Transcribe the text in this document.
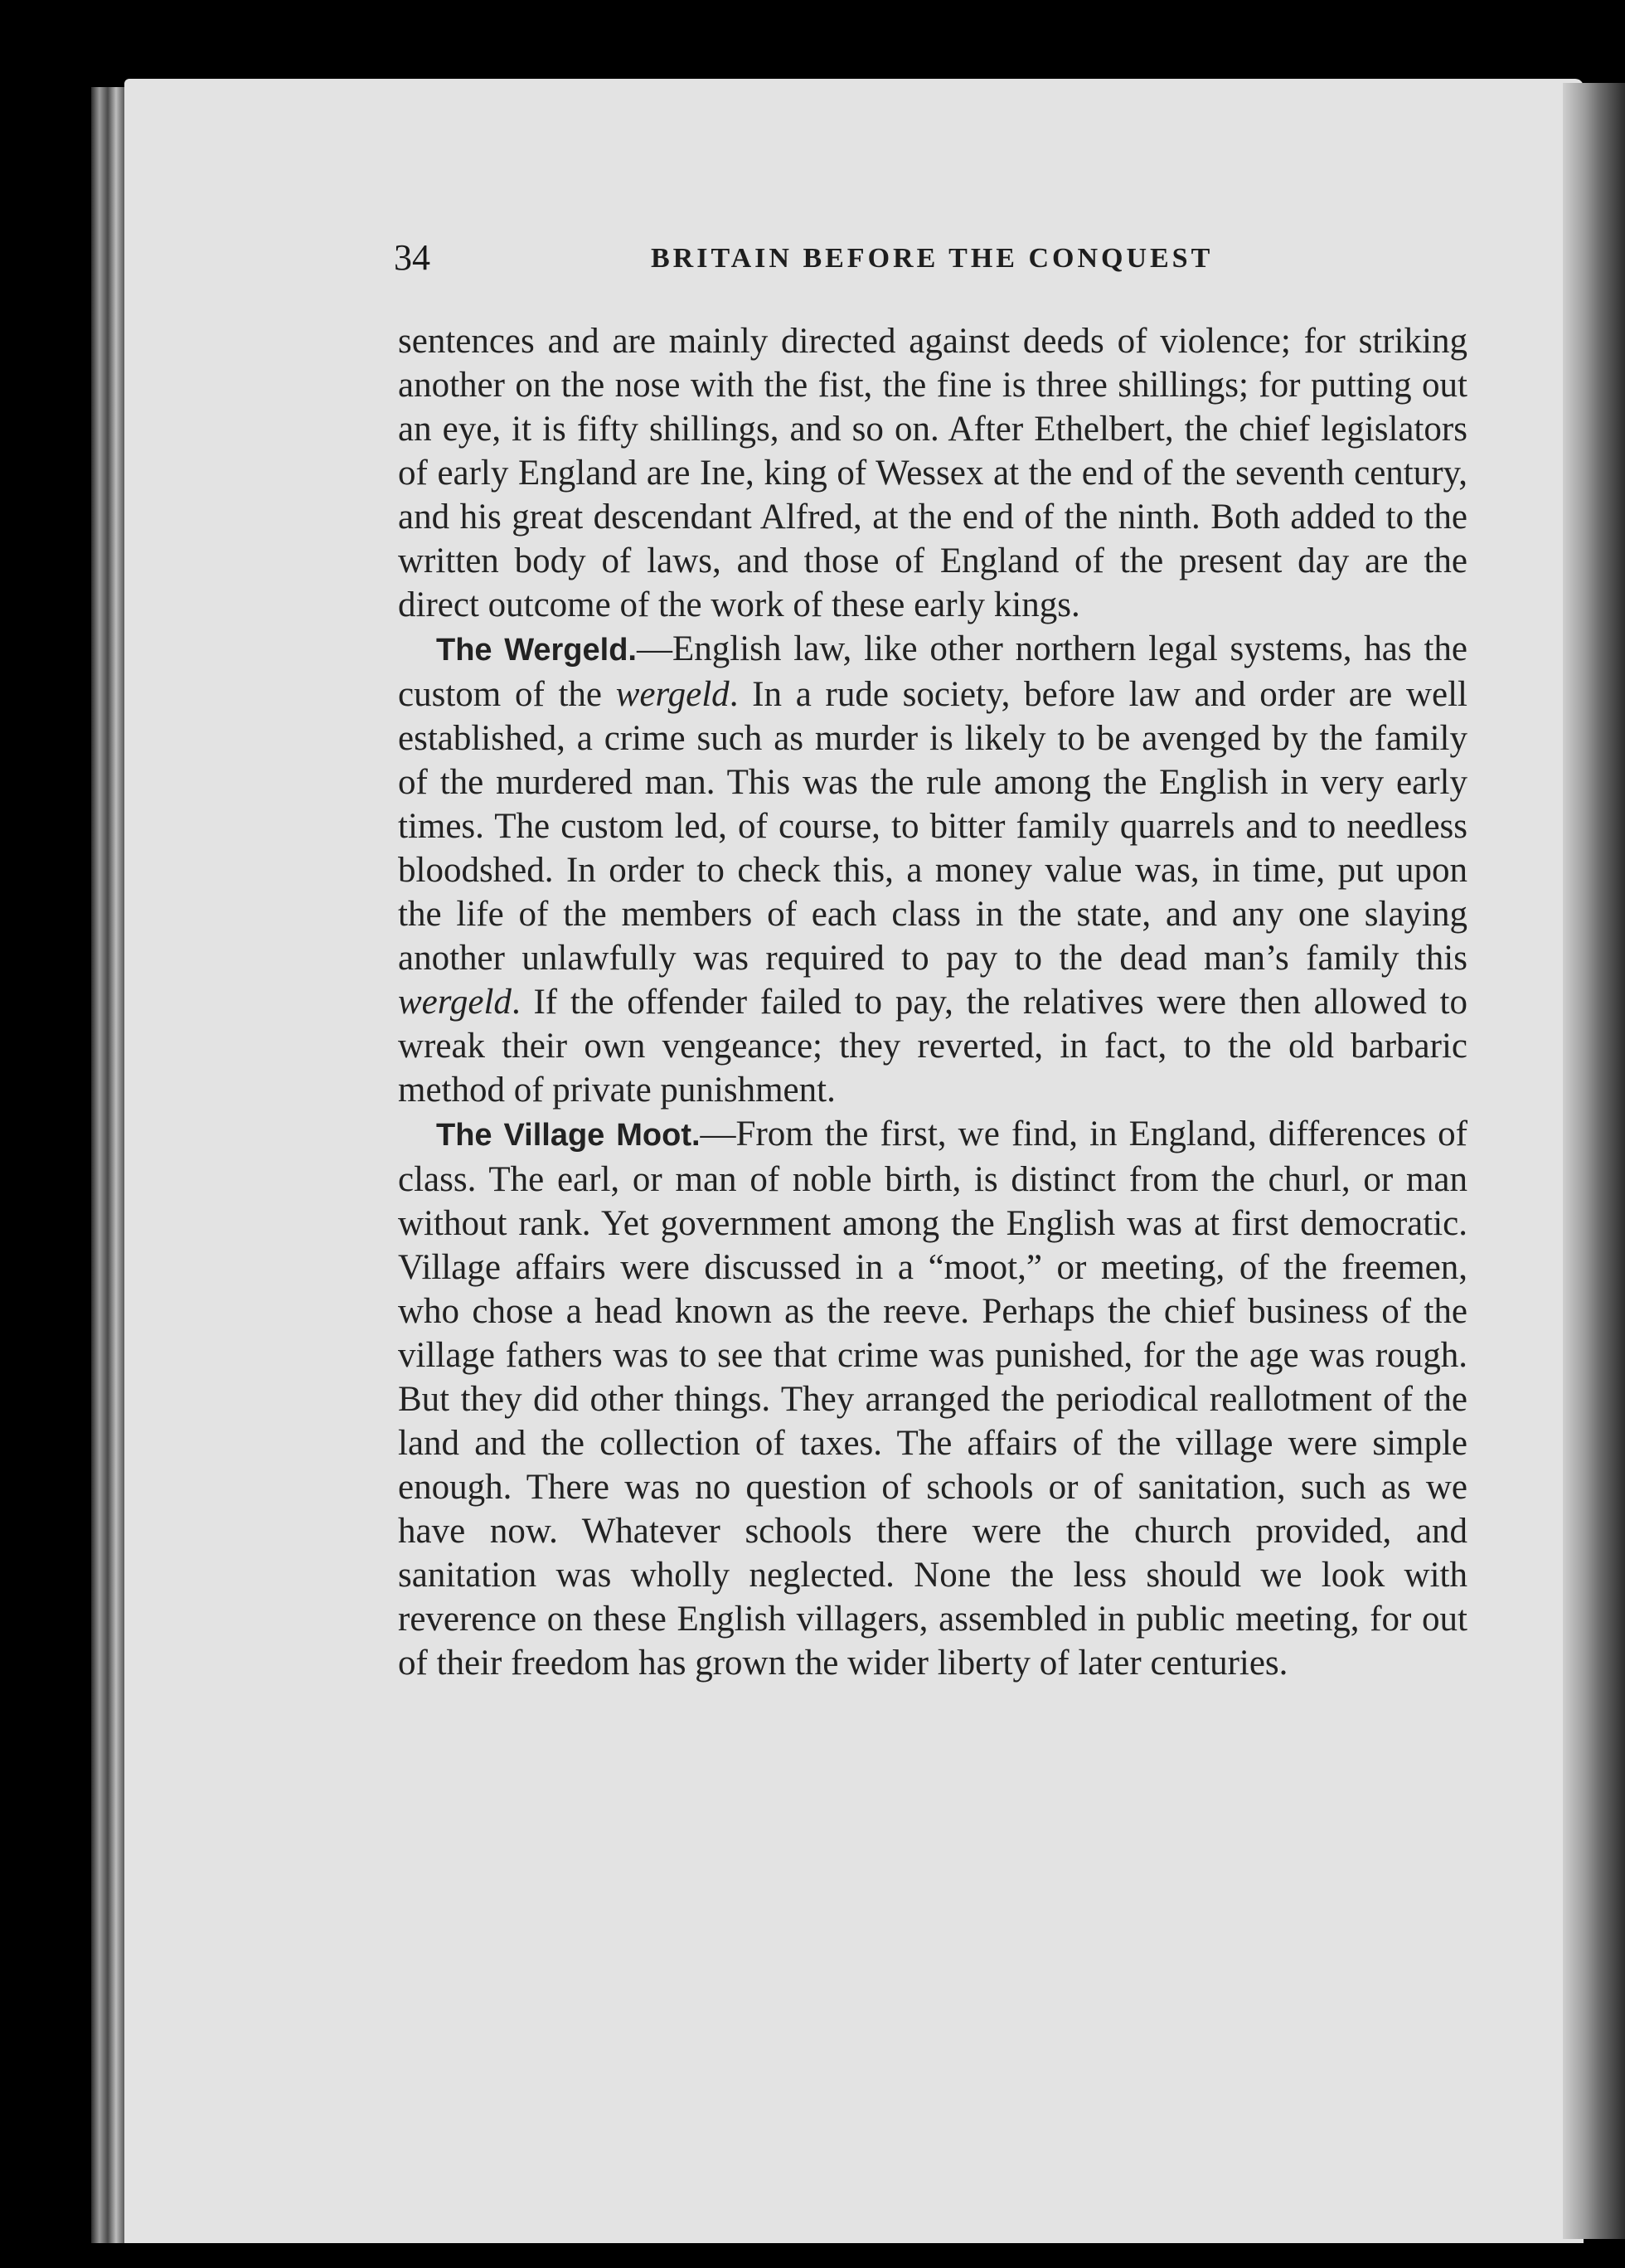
34	BRITAIN BEFORE THE CONQUEST

sentences and are mainly directed against deeds of violence; for striking another on the nose with the fist, the fine is three shillings; for putting out an eye, it is fifty shillings, and so on. After Ethelbert, the chief legislators of early England are Ine, king of Wessex at the end of the seventh century, and his great descendant Alfred, at the end of the ninth. Both added to the written body of laws, and those of England of the present day are the direct outcome of the work of these early kings.

The Wergeld.—English law, like other northern legal systems, has the custom of the wergeld. In a rude society, before law and order are well established, a crime such as murder is likely to be avenged by the family of the murdered man. This was the rule among the English in very early times. The custom led, of course, to bitter family quarrels and to needless bloodshed. In order to check this, a money value was, in time, put upon the life of the members of each class in the state, and any one slaying another unlawfully was required to pay to the dead man’s family this wergeld. If the offender failed to pay, the relatives were then allowed to wreak their own vengeance; they reverted, in fact, to the old barbaric method of private punishment.

The Village Moot.—From the first, we find, in England, differences of class. The earl, or man of noble birth, is distinct from the churl, or man without rank. Yet government among the English was at first democratic. Village affairs were discussed in a “moot,” or meeting, of the freemen, who chose a head known as the reeve. Perhaps the chief business of the village fathers was to see that crime was punished, for the age was rough. But they did other things. They arranged the periodical reallotment of the land and the collection of taxes. The affairs of the village were simple enough. There was no question of schools or of sanitation, such as we have now. Whatever schools there were the church provided, and sanitation was wholly neglected. None the less should we look with reverence on these English villagers, assembled in public meeting, for out of their freedom has grown the wider liberty of later centuries.
